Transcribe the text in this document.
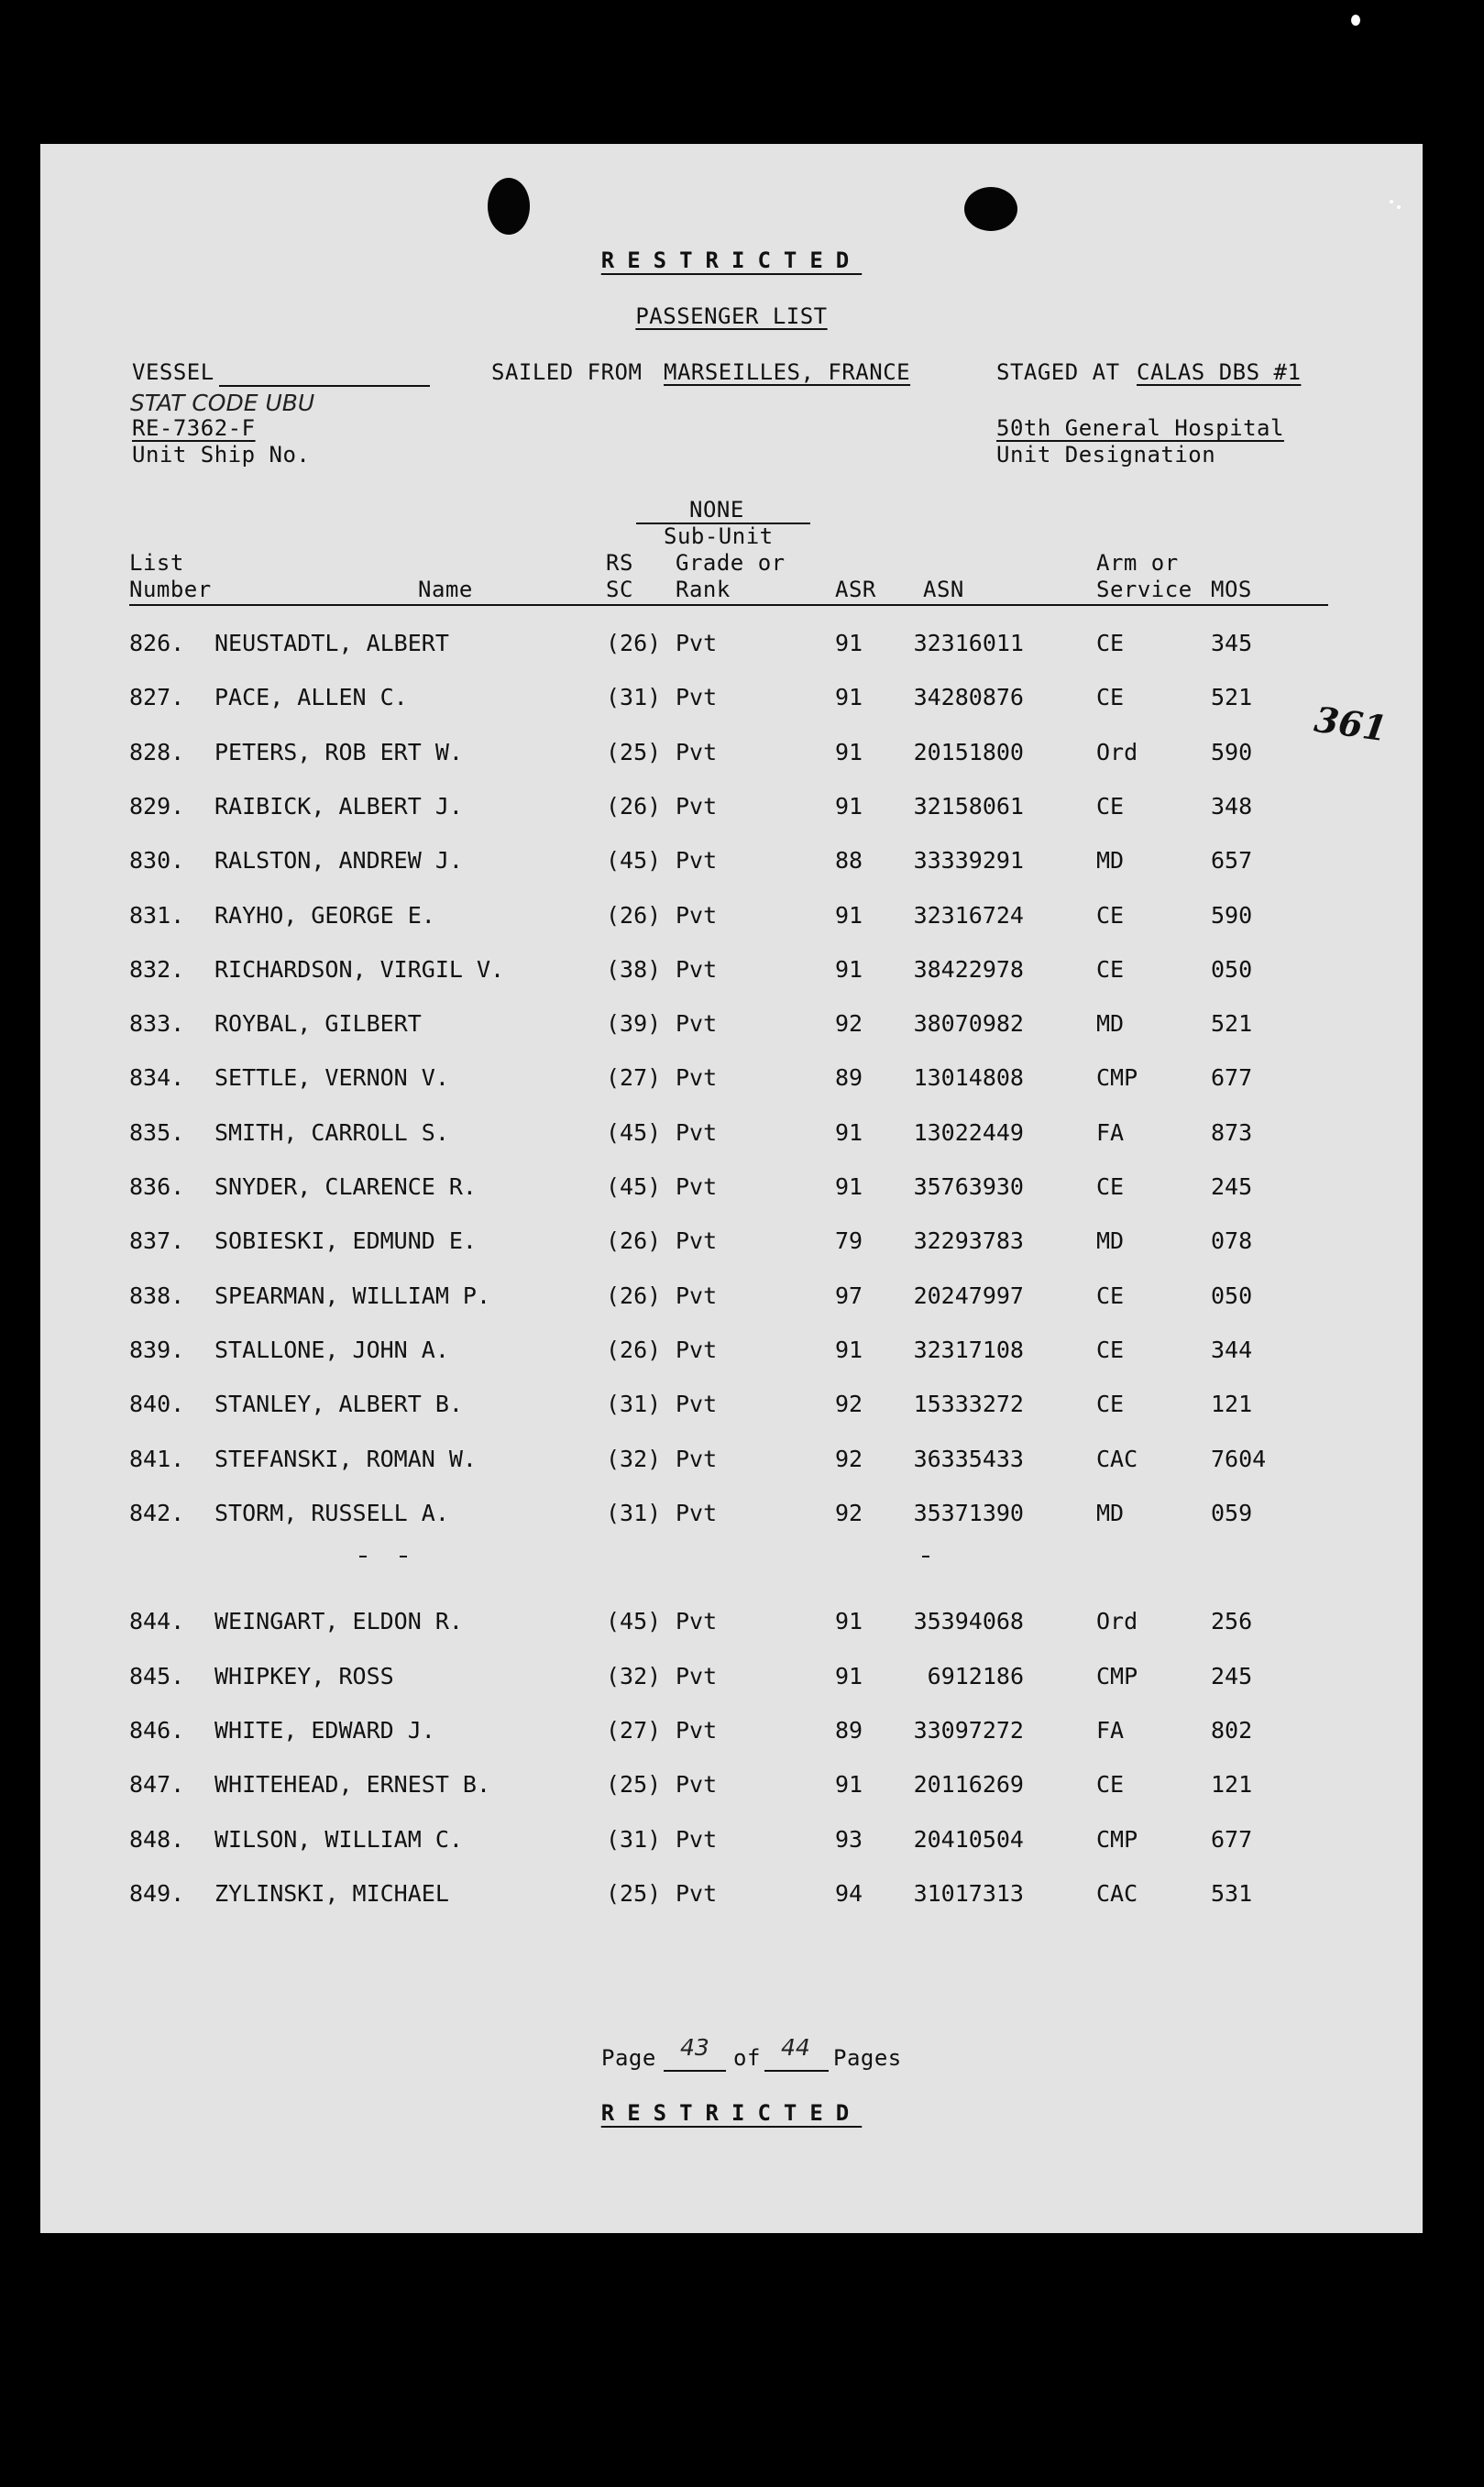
RESTRICTED
PASSENGER LIST
VESSEL	SAILED FROM MARSEILLES, FRANCE	STAGED AT CALAS DBS #1
STAT CODE UBU
RE-7362-F
Unit Ship No.
50th General Hospital
Unit Designation
NONE
Sub-Unit
List
Number	Name
RS
SC
Grade or
Rank	ASR ASN
Arm or
Service MOS
361
826. NEUSTADTL, ALBERT	(26) Pvt	91	32316011	CE	345
827. PACE, ALLEN C.	(31) Pvt	91	34280876	CE	521
828. PETERS, ROB ERT W.	(25) Pvt	91	20151800	Ord	590
829. RAIBICK, ALBERT J.	(26) Pvt	91	32158061	CE	348
830. RALSTON, ANDREW J.	(45) Pvt	88	33339291	MD	657
831. RAYHO, GEORGE E.	(26) Pvt	91	32316724	CE	590
832. RICHARDSON, VIRGIL V.	(38) Pvt	91	38422978	CE	050
833. ROYBAL, GILBERT	(39) Pvt	92	38070982	MD	521
834. SETTLE, VERNON V.	(27) Pvt	89	13014808	CMP	677
835. SMITH, CARROLL S.	(45) Pvt	91	13022449	FA	873
836. SNYDER, CLARENCE R.	(45) Pvt	91	35763930	CE	245
837. SOBIESKI, EDMUND E.	(26) Pvt	79	32293783	MD	078
838. SPEARMAN, WILLIAM P.	(26) Pvt	97	20247997	CE	050
839. STALLONE, JOHN A.	(26) Pvt	91	32317108	CE	344
840. STANLEY, ALBERT B.	(31) Pvt	92	15333272	CE	121
841. STEFANSKI, ROMAN W.	(32) Pvt	92	36335433	CAC	7604
842. STORM, RUSSELL A.	(31) Pvt	92	35371390	MD	059
844. WEINGART, ELDON R.	(45) Pvt	91	35394068	Ord	256
845. WHIPKEY, ROSS	(32) Pvt	91	6912186	CMP	245
846. WHITE, EDWARD J.	(27) Pvt	89	33097272	FA	802
847. WHITEHEAD, ERNEST B.	(25) Pvt	91	20116269	CE	121
848. WILSON, WILLIAM C.	(31) Pvt	93	20410504	CMP	677
849. ZYLINSKI, MICHAEL	(25) Pvt	94	31017313	CAC	531
Page 43 of 44 Pages
RESTRICTED
